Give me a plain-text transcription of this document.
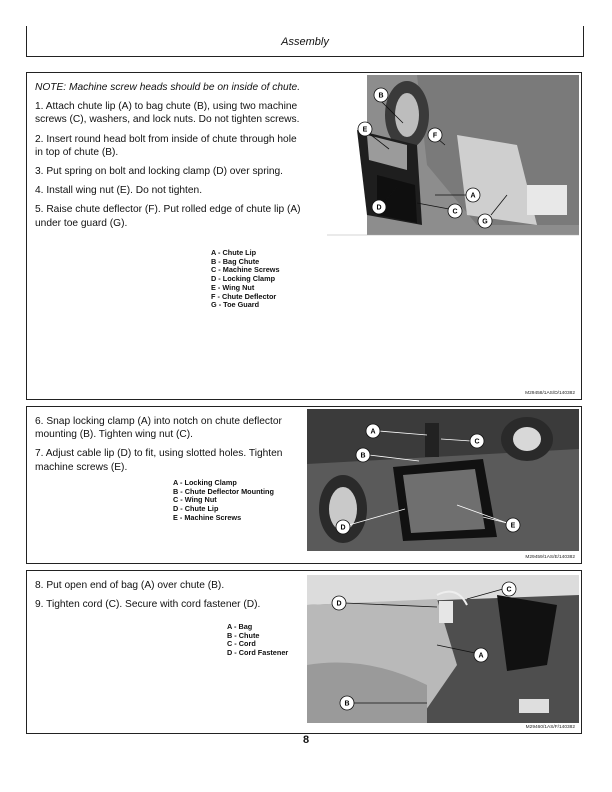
Assembly

NOTE: Machine screw heads should be on inside of chute.

1. Attach chute lip (A) to bag chute (B), using two machine screws (C), washers, and lock nuts. Do not tighten screws.

2. Insert round head bolt from inside of chute through hole in top of chute (B).

3. Put spring on bolt and locking clamp (D) over spring.

4. Install wing nut (E). Do not tighten.

5. Raise chute deflector (F). Put rolled edge of chute lip (A) under toe guard (G).

A - Chute Lip
B - Bag Chute
C - Machine Screws
D - Locking Clamp
E - Wing Nut
F - Chute Deflector
G - Toe Guard
B
E
F
A
D
C
G
M29458/1AS/D/140382

6. Snap locking clamp (A) into notch on chute deflector mounting (B). Tighten wing nut (C).

7. Adjust cable lip (D) to fit, using slotted holes. Tighten machine screws (E).

A - Locking Clamp
B - Chute Deflector Mounting
C - Wing Nut
D - Chute Lip
E - Machine Screws
A
B
C
D	E
M29459/1AS/E/140382

8. Put open end of bag (A) over chute (B).

9. Tighten cord (C). Secure with cord fastener (D).

A - Bag
B - Chute
C - Cord
D - Cord Fastener
D
C
A
B
M29460/1AS/F/140382
8
